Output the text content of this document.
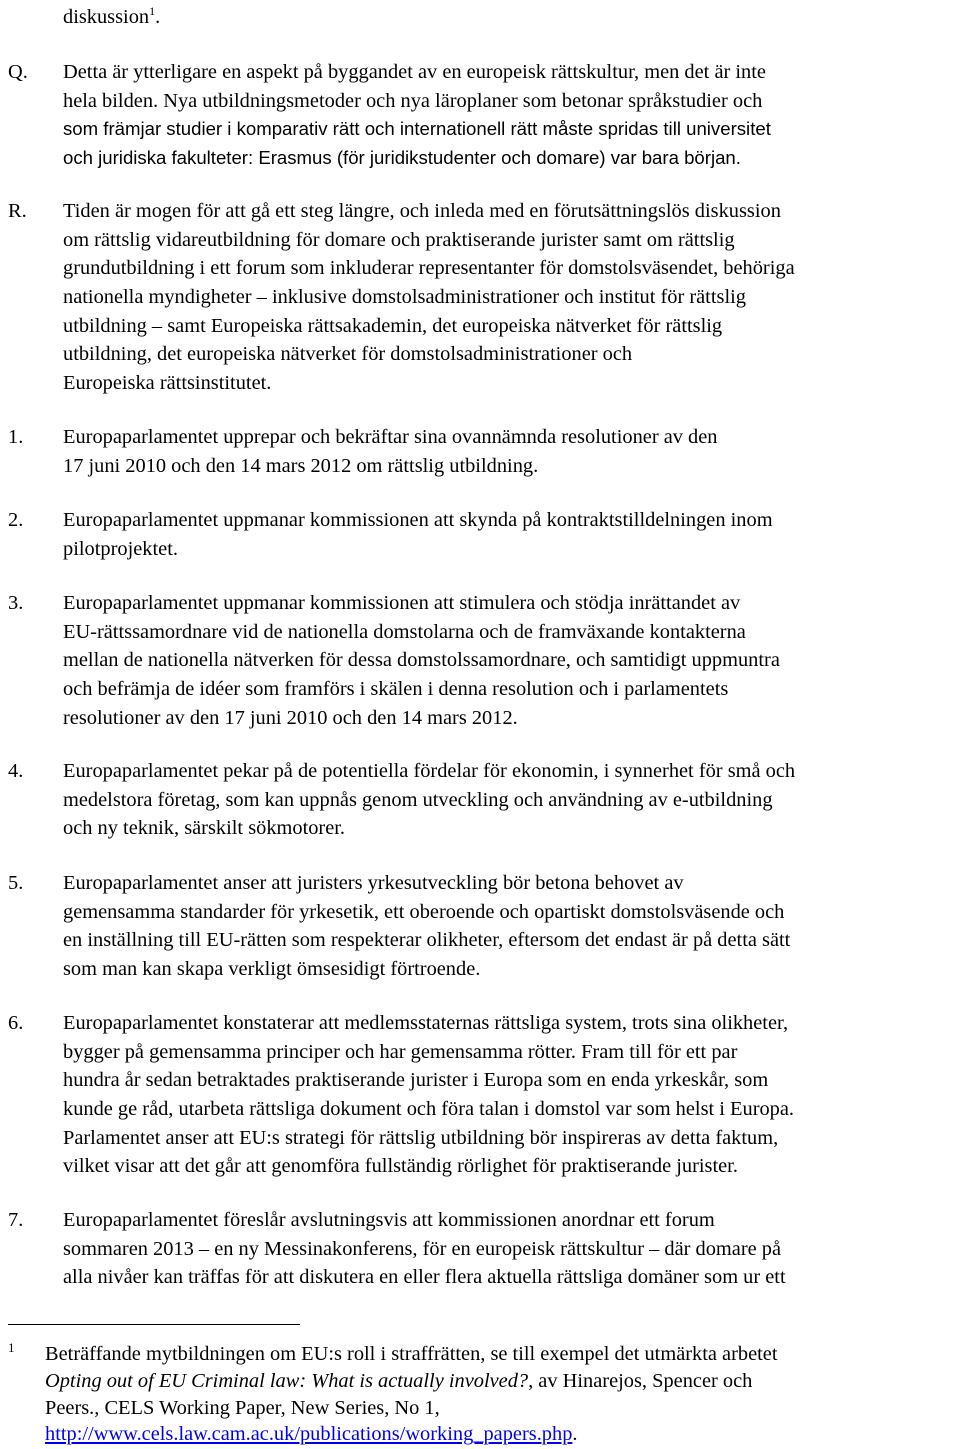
diskussion$^1$.
Q. Detta är ytterligare en aspekt på byggandet av en europeisk rättskultur, men det är inte
hela bilden. Nya utbildningsmetoder och nya läroplaner som betonar språkstudier och
som främjar studier i komparativ rätt och internationell rätt måste spridas till universitet
och juridiska fakulteter: Erasmus (för juridikstudenter och domare) var bara början.
R. Tiden är mogen för att gå ett steg längre, och inleda med en förutsättningslös diskussion
om rättslig vidareutbildning för domare och praktiserande jurister samt om rättslig
grundutbildning i ett forum som inkluderar representanter för domstolsväsendet, behöriga
nationella myndigheter – inklusive domstolsadministrationer och institut för rättslig
utbildning – samt Europeiska rättsakademin, det europeiska nätverket för rättslig
utbildning, det europeiska nätverket för domstolsadministrationer och
Europeiska rättsinstitutet.
1. Europaparlamentet upprepar och bekräftar sina ovannämnda resolutioner av den
17 juni 2010 och den 14 mars 2012 om rättslig utbildning.
2. Europaparlamentet uppmanar kommissionen att skynda på kontraktstilldelningen inom
pilotprojektet.
3. Europaparlamentet uppmanar kommissionen att stimulera och stödja inrättandet av
EU-rättssamordnare vid de nationella domstolarna och de framväxande kontakterna
mellan de nationella nätverken för dessa domstolssamordnare, och samtidigt uppmuntra
och befrämja de idéer som framförs i skälen i denna resolution och i parlamentets
resolutioner av den 17 juni 2010 och den 14 mars 2012.
4. Europaparlamentet pekar på de potentiella fördelar för ekonomin, i synnerhet för små och
medelstora företag, som kan uppnås genom utveckling och användning av e-utbildning
och ny teknik, särskilt sökmotorer.
5. Europaparlamentet anser att juristers yrkesutveckling bör betona behovet av
gemensamma standarder för yrkesetik, ett oberoende och opartiskt domstolsväsende och
en inställning till EU-rätten som respekterar olikheter, eftersom det endast är på detta sätt
som man kan skapa verkligt ömsesidigt förtroende.
6. Europaparlamentet konstaterar att medlemsstaternas rättsliga system, trots sina olikheter,
bygger på gemensamma principer och har gemensamma rötter. Fram till för ett par
hundra år sedan betraktades praktiserande jurister i Europa som en enda yrkeskår, som
kunde ge råd, utarbeta rättsliga dokument och föra talan i domstol var som helst i Europa.
Parlamentet anser att EU:s strategi för rättslig utbildning bör inspireras av detta faktum,
vilket visar att det går att genomföra fullständig rörlighet för praktiserande jurister.
7. Europaparlamentet föreslår avslutningsvis att kommissionen anordnar ett forum
sommaren 2013 – en ny Messinakonferens, för en europeisk rättskultur – där domare på
alla nivåer kan träffas för att diskutera en eller flera aktuella rättsliga domäner som ur ett
1 Beträffande mytbildningen om EU:s roll i straffrätten, se till exempel det utmärkta arbetet
Opting out of EU Criminal law: What is actually involved?, av Hinarejos, Spencer och
Peers., CELS Working Paper, New Series, No 1,
http://www.cels.law.cam.ac.uk/publications/working_papers.php.
